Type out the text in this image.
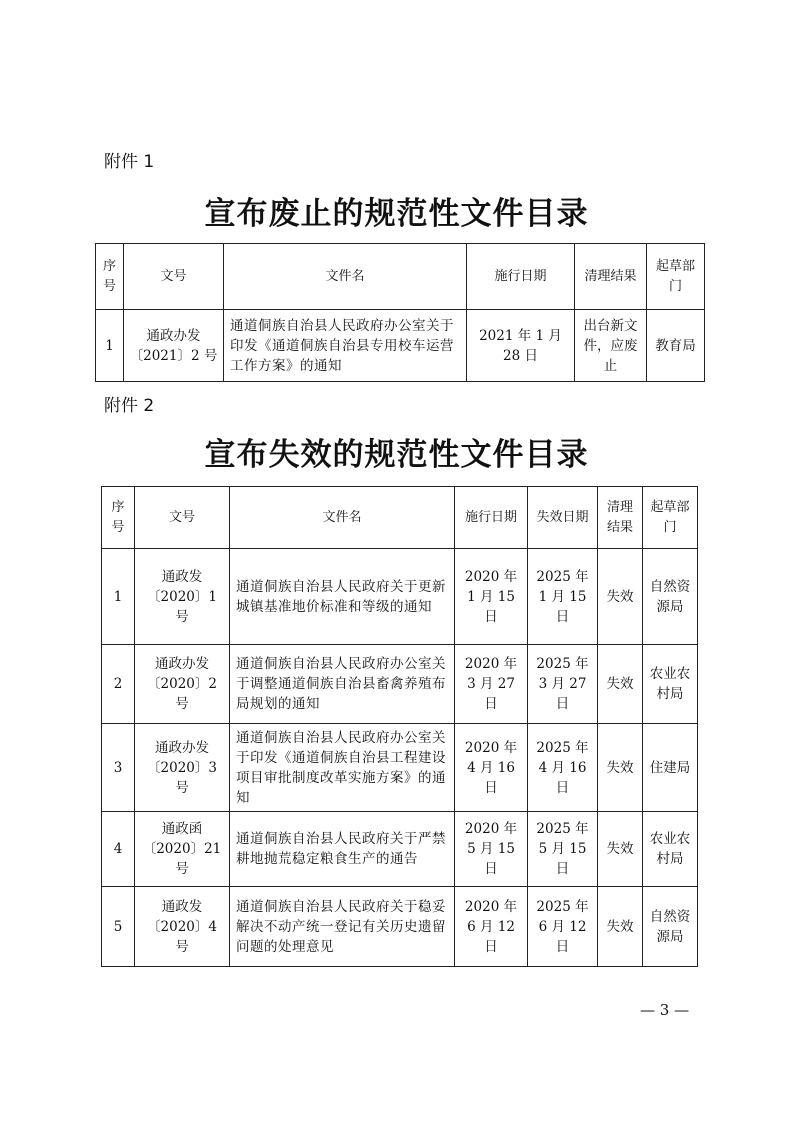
附件 1
宣布废止的规范性文件目录
序号	文号	文件名	施行日期	清理结果	起草部门
1	通政办发〔2021〕2 号	通道侗族自治县人民政府办公室关于印发《通道侗族自治县专用校车运营工作方案》的通知	2021 年 1 月 28 日	出台新文件，应废止	教育局
附件 2
宣布失效的规范性文件目录
序号	文号	文件名	施行日期	失效日期	清理结果	起草部门
1	通政发〔2020〕1 号	通道侗族自治县人民政府关于更新城镇基准地价标准和等级的通知	2020 年 1 月 15 日	2025 年 1 月 15 日	失效	自然资源局
2	通政办发〔2020〕2 号	通道侗族自治县人民政府办公室关于调整通道侗族自治县畜禽养殖布局规划的通知	2020 年 3 月 27 日	2025 年 3 月 27 日	失效	农业农村局
3	通政办发〔2020〕3 号	通道侗族自治县人民政府办公室关于印发《通道侗族自治县工程建设项目审批制度改革实施方案》的通知	2020 年 4 月 16 日	2025 年 4 月 16 日	失效	住建局
4	通政函〔2020〕21 号	通道侗族自治县人民政府关于严禁耕地抛荒稳定粮食生产的通告	2020 年 5 月 15 日	2025 年 5 月 15 日	失效	农业农村局
5	通政发〔2020〕4 号	通道侗族自治县人民政府关于稳妥解决不动产统一登记有关历史遗留问题的处理意见	2020 年 6 月 12 日	2025 年 6 月 12 日	失效	自然资源局
— 3 —
